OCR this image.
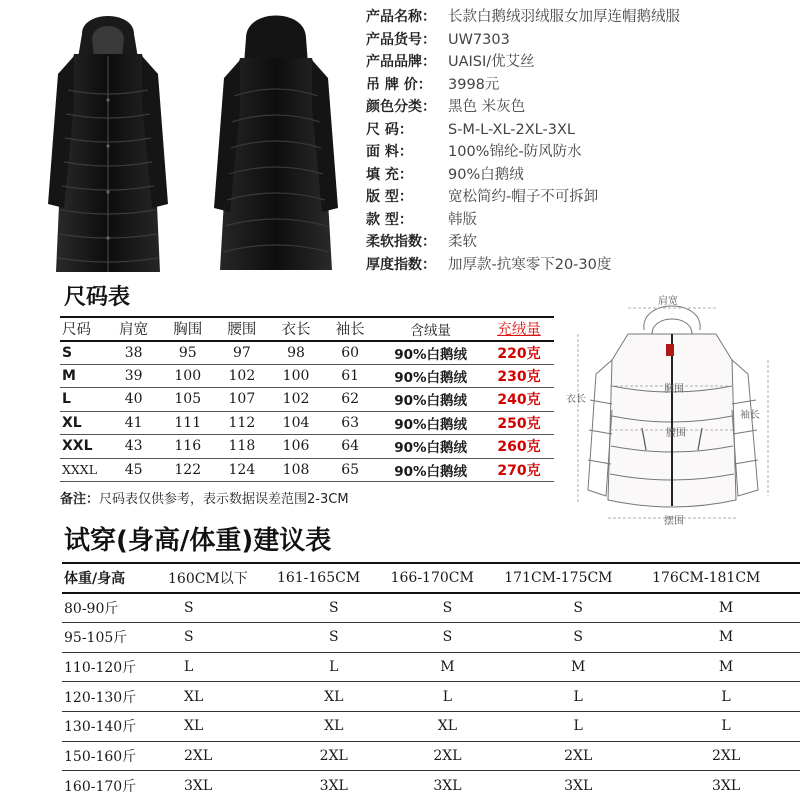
产品名称： 长款白鹅绒羽绒服女加厚连帽鹅绒服
产品货号： UW7303
产品品牌： UAISI/优艾丝
吊 牌 价：	3998元
颜色分类： 黑色 米灰色
尺 码：	S-M-L-XL-2XL-3XL
面 料：	100%锦纶-防风防水
填 充：	90%白鹅绒
版 型：	宽松简约-帽子不可拆卸
款 型：	韩版
柔软指数： 柔软
厚度指数： 加厚款-抗寒零下20-30度
尺码表
尺码	肩宽	胸围	腰围	衣长	袖长	含绒量	充绒量
S	38	95	97	98	60	90%白鹅绒	220克
M	39	100	102	100	61	90%白鹅绒	230克
L	40	105	107	102	62	90%白鹅绒	240克
XL	41	111	112	104	63	90%白鹅绒	250克
XXL	43	116	118	106	64	90%白鹅绒	260克
XXXL	45	122	124	108	65	90%白鹅绒	270克
备注：尺码表仅供参考，表示数据误差范围2-3CM
肩宽
胸围
腰围
衣长
袖长
摆围
试穿(身高/体重)建议表
体重/身高	160CM以下	161-165CM	166-170CM	171CM-175CM	176CM-181CM
80-90斤	S	S	S	S	M
95-105斤	S	S	S	S	M
110-120斤	L	L	M	M	M
120-130斤	XL	XL	L	L	L
130-140斤	XL	XL	XL	L	L
150-160斤	2XL	2XL	2XL	2XL	2XL
160-170斤	3XL	3XL	3XL	3XL	3XL
